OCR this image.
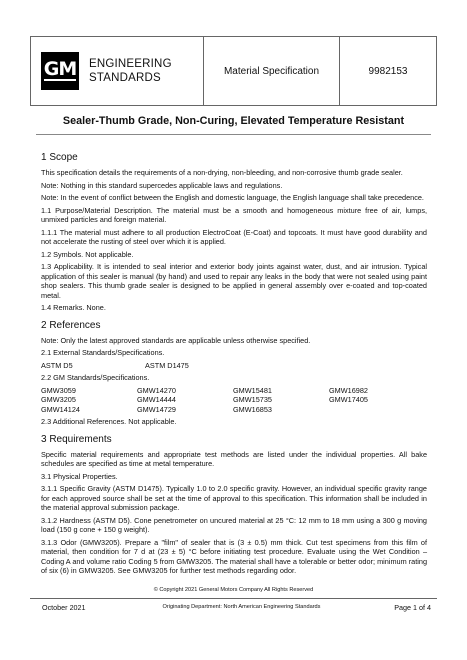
GM ENGINEERING
STANDARDS
Material Specification	9982153
Sealer-Thumb Grade, Non-Curing, Elevated Temperature Resistant
1 Scope

This specification details the requirements of a non-drying, non-bleeding, and non-corrosive thumb grade sealer.

Note: Nothing in this standard supercedes applicable laws and regulations.

Note: In the event of conflict between the English and domestic language, the English language shall take precedence.

1.1 Purpose/Material Description. The material must be a smooth and homogeneous mixture free of air, lumps, unmixed particles and foreign material.

1.1.1 The material must adhere to all production ElectroCoat (E-Coat) and topcoats. It must have good durability and not accelerate the rusting of steel over which it is applied.

1.2 Symbols. Not applicable.

1.3 Applicability. It is intended to seal interior and exterior body joints against water, dust, and air intrusion. Typical application of this sealer is manual (by hand) and used to repair any leaks in the body that were not sealed using paint shop sealers. This thumb grade sealer is designed to be applied in general assembly over e-coated and top-coated metal.

1.4 Remarks. None.

2 References

Note: Only the latest approved standards are applicable unless otherwise specified.

2.1 External Standards/Specifications.

ASTM D5	ASTM D1475

2.2 GM Standards/Specifications.

GMW3059	GMW14270	GMW15481	GMW16982
GMW3205	GMW14444	GMW15735	GMW17405
GMW14124	GMW14729	GMW16853

2.3 Additional References. Not applicable.

3 Requirements

Specific material requirements and appropriate test methods are listed under the individual properties. All bake schedules are specified as time at metal temperature.

3.1 Physical Properties.

3.1.1 Specific Gravity (ASTM D1475). Typically 1.0 to 2.0 specific gravity. However, an individual specific gravity range for each approved source shall be set at the time of approval to this specification. This information shall be included in the material approval submission package.

3.1.2 Hardness (ASTM D5). Cone penetrometer on uncured material at 25 °C: 12 mm to 18 mm using a 300 g moving load (150 g cone + 150 g weight).

3.1.3 Odor (GMW3205). Prepare a "film" of sealer that is (3 ± 0.5) mm thick. Cut test specimens from this film of material, then condition for 7 d at (23 ± 5) °C before initiating test procedure. Evaluate using the Wet Condition – Coding A and volume ratio Coding 5 from GMW3205. The material shall have a tolerable or better odor; minimum rating of six (6) in GMW3205. See GMW3205 for further test methods regarding odor.

© Copyright 2021 General Motors Company All Rights Reserved
October 2021	Originating Department: North American Engineering Standards	Page 1 of 4
